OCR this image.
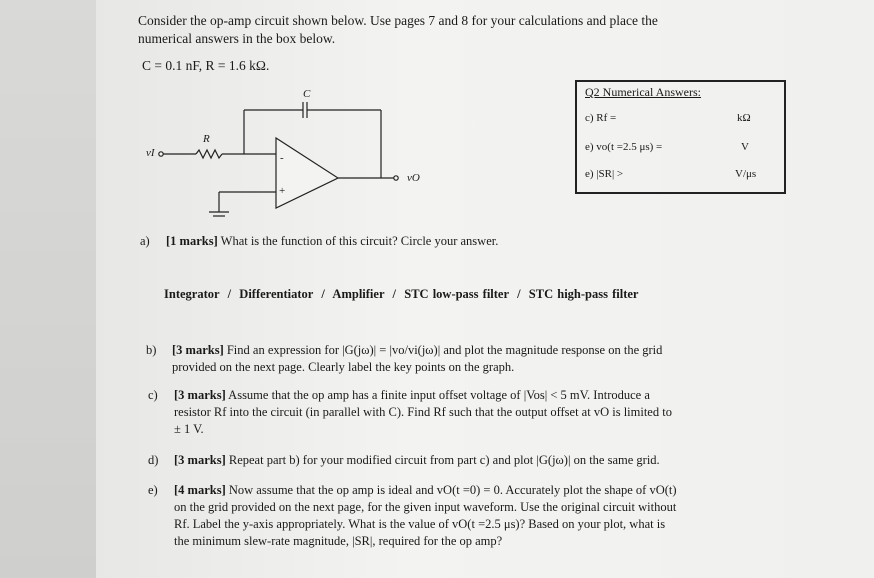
Consider the op-amp circuit shown below. Use pages 7 and 8 for your calculations and place the
numerical answers in the box below.
C = 0.1 nF, R = 1.6 kΩ.
C
R
vI
vO
-
+
Q2 Numerical Answers:
c) Rf =	kΩ
e) vo(t =2.5 μs) =	V
e) |SR| >	V/μs
a) [1 marks] What is the function of this circuit? Circle your answer.
Integrator / Differentiator / Amplifier / STC low-pass filter / STC high-pass filter
b) [3 marks] Find an expression for |G(jω)| = |vo/vi(jω)| and plot the magnitude response on the grid
provided on the next page. Clearly label the key points on the graph.
c) [3 marks] Assume that the op amp has a finite input offset voltage of |Vos| < 5 mV. Introduce a
resistor Rf into the circuit (in parallel with C). Find Rf such that the output offset at vO is limited to
± 1 V.
d) [3 marks] Repeat part b) for your modified circuit from part c) and plot |G(jω)| on the same grid.
e) [4 marks] Now assume that the op amp is ideal and vO(t =0) = 0. Accurately plot the shape of vO(t)
on the grid provided on the next page, for the given input waveform. Use the original circuit without
Rf. Label the y-axis appropriately. What is the value of vO(t =2.5 μs)? Based on your plot, what is
the minimum slew-rate magnitude, |SR|, required for the op amp?
